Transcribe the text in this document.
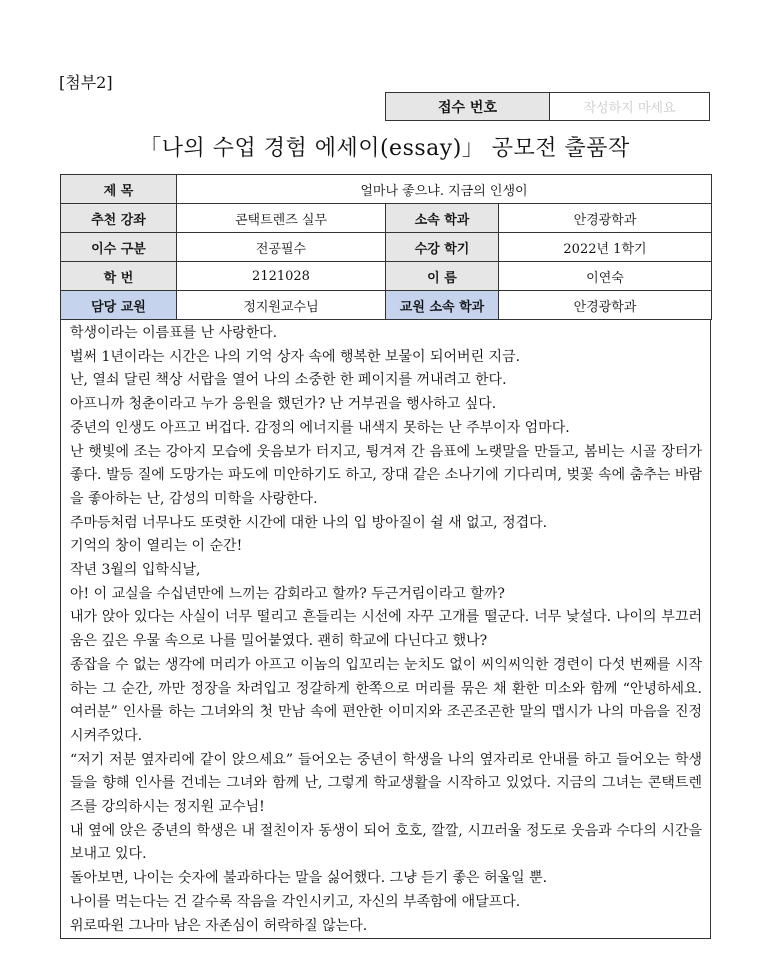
[첨부2]
접수 번호	작성하지 마세요
「나의 수업 경험 에세이(essay)」 공모전 출품작
제 목	얼마나 좋으냐. 지금의 인생이		
추천 강좌	콘택트렌즈 실무	소속 학과	안경광학과
이수 구분	전공필수	수강 학기	2022년 1학기
학 번	2121028	이 름	이연숙
담당 교원	정지원교수님	교원 소속 학과	안경광학과

학생이라는 이름표를 난 사랑한다.

벌써 1년이라는 시간은 나의 기억 상자 속에 행복한 보물이 되어버린 지금.

난, 열쇠 달린 책상 서랍을 열어 나의 소중한 한 페이지를 꺼내려고 한다.

아프니까 청춘이라고 누가 응원을 했던가? 난 거부권을 행사하고 싶다.

중년의 인생도 아프고 버겁다. 감정의 에너지를 내색지 못하는 난 주부이자 엄마다.

난 햇빛에 조는 강아지 모습에 웃음보가 터지고, 튕겨져 간 음표에 노랫말을 만들고, 봄비는 시골 장터가 좋다. 발등 질에 도망가는 파도에 미안하기도 하고, 장대 같은 소나기에 기다리며, 벚꽃 속에 춤추는 바람을 좋아하는 난, 감성의 미학을 사랑한다.

주마등처럼 너무나도 또렷한 시간에 대한 나의 입 방아질이 쉴 새 없고, 정겹다.

기억의 창이 열리는 이 순간!

작년 3월의 입학식날,

아! 이 교실을 수십년만에 느끼는 감회라고 할까? 두근거림이라고 할까?

내가 앉아 있다는 사실이 너무 떨리고 흔들리는 시선에 자꾸 고개를 떨군다. 너무 낯설다. 나이의 부끄러움은 깊은 우물 속으로 나를 밀어붙였다. 괜히 학교에 다닌다고 했나?

종잡을 수 없는 생각에 머리가 아프고 이놈의 입꼬리는 눈치도 없이 씨익씨익한 경련이 다섯 번째를 시작하는 그 순간, 까만 정장을 차려입고 정갈하게 한쪽으로 머리를 묶은 채 환한 미소와 함께 “안녕하세요. 여러분” 인사를 하는 그녀와의 첫 만남 속에 편안한 이미지와 조곤조곤한 말의 맵시가 나의 마음을 진정시켜주었다.

“저기 저분 옆자리에 같이 앉으세요” 들어오는 중년이 학생을 나의 옆자리로 안내를 하고 들어오는 학생들을 향해 인사를 건네는 그녀와 함께 난, 그렇게 학교생활을 시작하고 있었다. 지금의 그녀는 콘택트렌즈를 강의하시는 정지원 교수님!

내 옆에 앉은 중년의 학생은 내 절친이자 동생이 되어 호호, 깔깔, 시끄러울 정도로 웃음과 수다의 시간을 보내고 있다.

돌아보면, 나이는 숫자에 불과하다는 말을 싫어했다. 그냥 듣기 좋은 허울일 뿐.

나이를 먹는다는 건 갈수록 작음을 각인시키고, 자신의 부족함에 애달프다.

위로따윈 그나마 남은 자존심이 허락하질 않는다.
